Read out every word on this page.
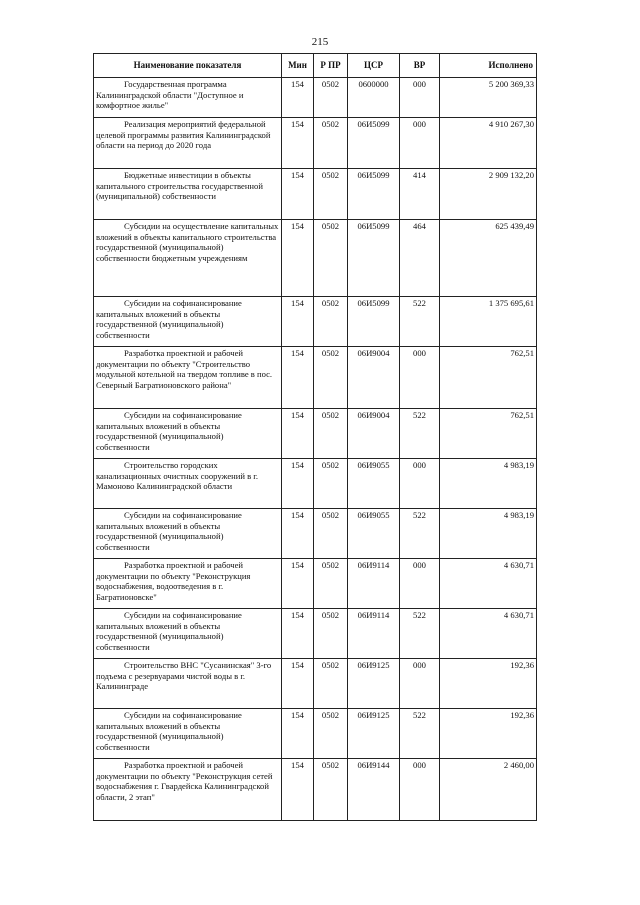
215
Наименование показателя	Мин	Р ПР	ЦСР	ВР	Исполнено

Государственная программа Калининградской области "Доступное и комфортное жилье"	154	0502	0600000	000	5 200 369,33

Реализация мероприятий федеральной целевой программы развития Калининградской области на период до 2020 года	154	0502	06И5099	000	4 910 267,30

Бюджетные инвестиции в объекты капитального строительства государственной (муниципальной) собственности	154	0502	06И5099	414	2 909 132,20

Субсидии на осуществление капитальных вложений в объекты капитального строительства государственной (муниципальной) собственности бюджетным учреждениям	154	0502	06И5099	464	625 439,49

Субсидии на софинансирование капитальных вложений в объекты государственной (муниципальной) собственности	154	0502	06И5099	522	1 375 695,61

Разработка проектной и рабочей документации по объекту "Строительство модульной котельной на твердом топливе в пос. Северный Багратионовского района"	154	0502	06И9004	000	762,51

Субсидии на софинансирование капитальных вложений в объекты государственной (муниципальной) собственности	154	0502	06И9004	522	762,51

Строительство городских канализационных очистных сооружений в г. Мамоново Калининградской области	154	0502	06И9055	000	4 983,19

Субсидии на софинансирование капитальных вложений в объекты государственной (муниципальной) собственности	154	0502	06И9055	522	4 983,19

Разработка проектной и рабочей документации по объекту "Реконструкция водоснабжения, водоотведения в г. Багратионовске"	154	0502	06И9114	000	4 630,71

Субсидии на софинансирование капитальных вложений в объекты государственной (муниципальной) собственности	154	0502	06И9114	522	4 630,71

Строительство ВНС "Сусанинская" 3-го подъема с резервуарами чистой воды в г. Калининграде	154	0502	06И9125	000	192,36

Субсидии на софинансирование капитальных вложений в объекты государственной (муниципальной) собственности	154	0502	06И9125	522	192,36

Разработка проектной и рабочей документации по объекту "Реконструкция сетей водоснабжения г. Гвардейска Калининградской области, 2 этап"	154	0502	06И9144	000	2 460,00
